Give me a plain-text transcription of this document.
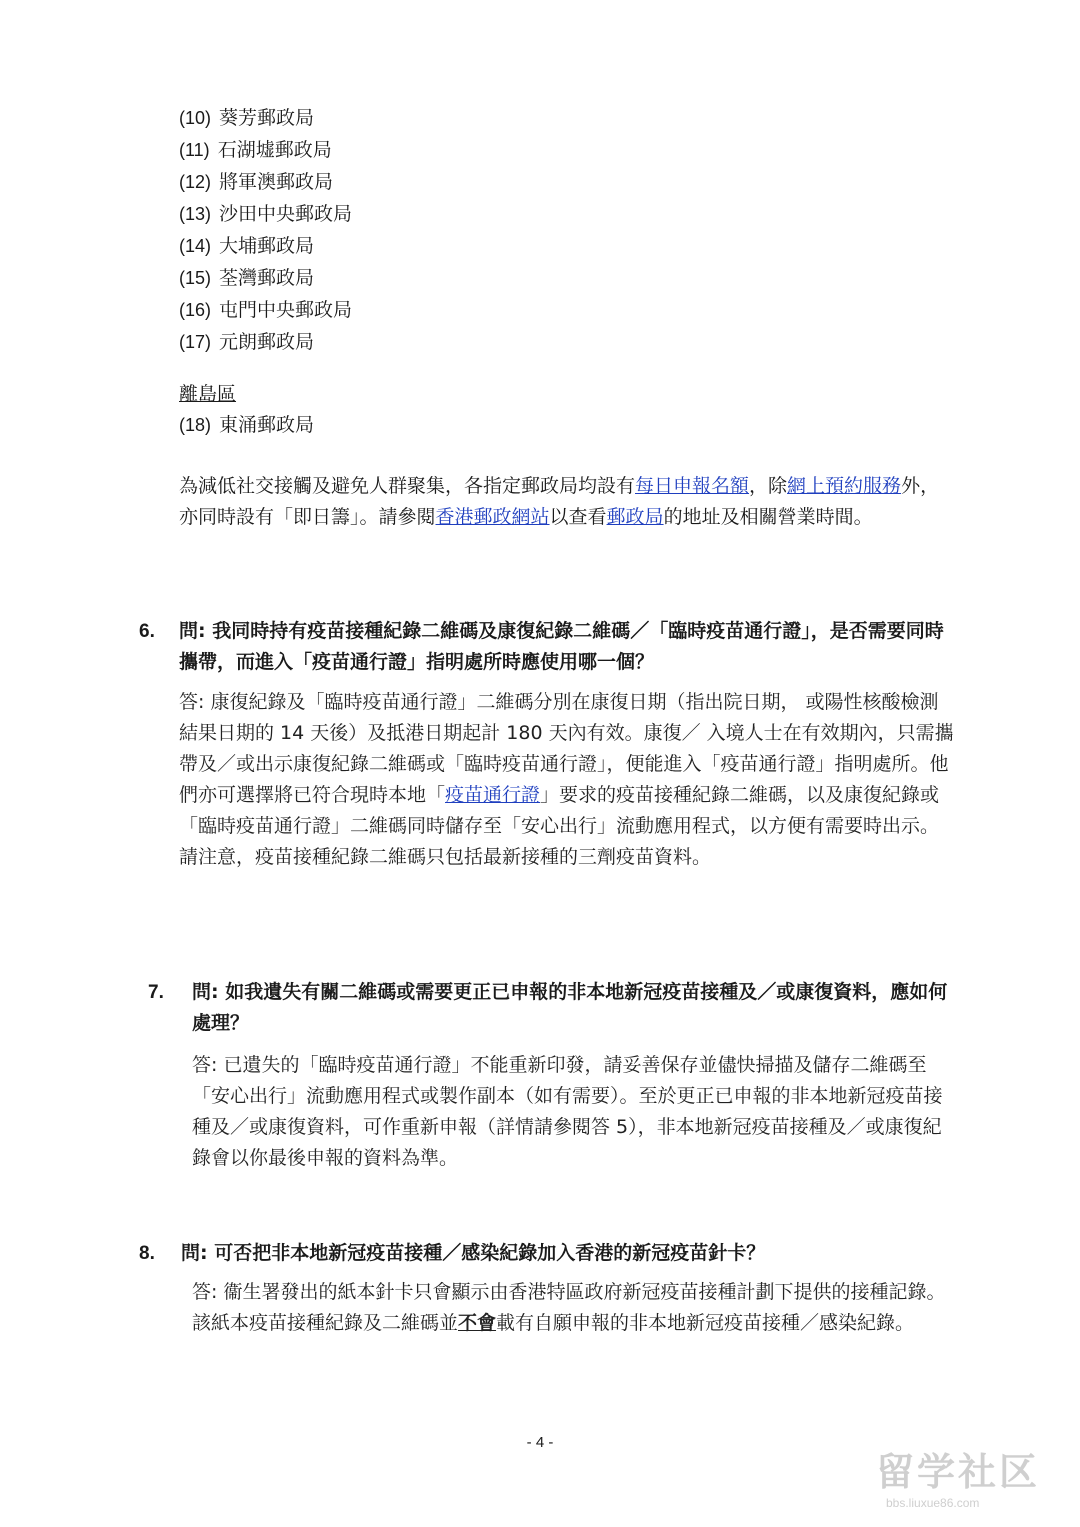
(10) 葵芳郵政局
(11) 石湖墟郵政局
(12) 將軍澳郵政局
(13) 沙田中央郵政局
(14) 大埔郵政局
(15) 荃灣郵政局
(16) 屯門中央郵政局
(17) 元朗郵政局
離島區
(18) 東涌郵政局

為減低社交接觸及避免人群聚集，各指定郵政局均設有每日申報名額，除網上預約服務外，亦同時設有「即日籌」。請參閱香港郵政網站以查看郵政局的地址及相關營業時間。

6. 問: 我同時持有疫苗接種紀錄二維碼及康復紀錄二維碼／「臨時疫苗通行證」，是否需要同時攜帶，而進入「疫苗通行證」指明處所時應使用哪一個？

答: 康復紀錄及「臨時疫苗通行證」二維碼分別在康復日期（指出院日期， 或陽性核酸檢測結果日期的 14 天後）及抵港日期起計 180 天內有效。康復／ 入境人士在有效期內，只需攜帶及／或出示康復紀錄二維碼或「臨時疫苗通行證」，便能進入「疫苗通行證」指明處所。他們亦可選擇將已符合現時本地「疫苗通行證」要求的疫苗接種紀錄二維碼，以及康復紀錄或「臨時疫苗通行證」二維碼同時儲存至「安心出行」流動應用程式，以方便有需要時出示。請注意，疫苗接種紀錄二維碼只包括最新接種的三劑疫苗資料。

7. 問: 如我遺失有關二維碼或需要更正已申報的非本地新冠疫苗接種及／或康復資料，應如何處理？

答: 已遺失的「臨時疫苗通行證」不能重新印發，請妥善保存並儘快掃描及儲存二維碼至「安心出行」流動應用程式或製作副本（如有需要）。至於更正已申報的非本地新冠疫苗接種及／或康復資料，可作重新申報（詳情請參閱答 5），非本地新冠疫苗接種及／或康復紀錄會以你最後申報的資料為準。

8. 問: 可否把非本地新冠疫苗接種／感染紀錄加入香港的新冠疫苗針卡？

答: 衞生署發出的紙本針卡只會顯示由香港特區政府新冠疫苗接種計劃下提供的接種記錄。該紙本疫苗接種紀錄及二維碼並不會載有自願申報的非本地新冠疫苗接種／感染紀錄。

- 4 -
留学社区
bbs.liuxue86.com
